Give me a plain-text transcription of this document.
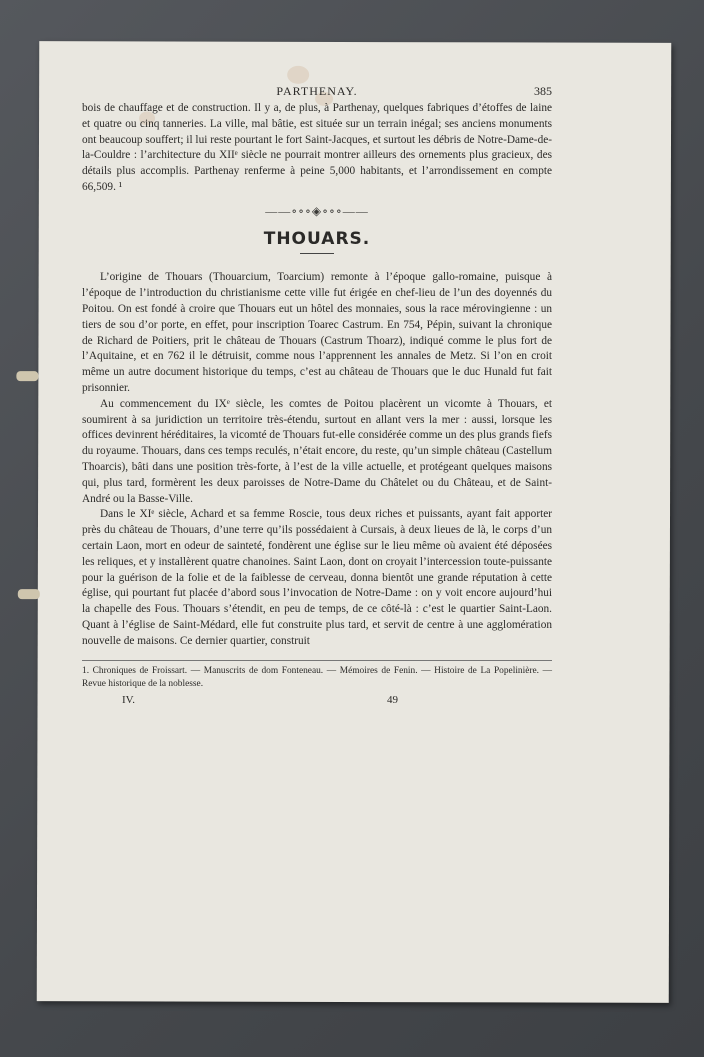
PARTHENAY.	385

bois de chauffage et de construction. Il y a, de plus, à Parthenay, quelques fabriques d’étoffes de laine et quatre ou cinq tanneries. La ville, mal bâtie, est située sur un terrain inégal; ses anciens monuments ont beaucoup souffert; il lui reste pourtant le fort Saint-Jacques, et surtout les débris de Notre-Dame-de-la-Couldre : l’architecture du XIIᵉ siècle ne pourrait montrer ailleurs des ornements plus gracieux, des détails plus accomplis. Parthenay renferme à peine 5,000 habitants, et l’arrondissement en compte 66,509. ¹

——∘∘∘◈∘∘∘——
THOUARS.

L’origine de Thouars (Thouarcium, Toarcium) remonte à l’époque gallo-romaine, puisque à l’époque de l’introduction du christianisme cette ville fut érigée en chef-lieu de l’un des doyennés du Poitou. On est fondé à croire que Thouars eut un hôtel des monnaies, sous la race mérovingienne : un tiers de sou d’or porte, en effet, pour inscription Toarec Castrum. En 754, Pépin, suivant la chronique de Richard de Poitiers, prit le château de Thouars (Castrum Thoarz), indiqué comme le plus fort de l’Aquitaine, et en 762 il le détruisit, comme nous l’apprennent les annales de Metz. Si l’on en croit même un autre document historique du temps, c’est au château de Thouars que le duc Hunald fut fait prisonnier.

Au commencement du IXᵉ siècle, les comtes de Poitou placèrent un vicomte à Thouars, et soumirent à sa juridiction un territoire très-étendu, surtout en allant vers la mer : aussi, lorsque les offices devinrent héréditaires, la vicomté de Thouars fut-elle considérée comme un des plus grands fiefs du royaume. Thouars, dans ces temps reculés, n’était encore, du reste, qu’un simple château (Castellum Thoarcis), bâti dans une position très-forte, à l’est de la ville actuelle, et protégeant quelques maisons qui, plus tard, formèrent les deux paroisses de Notre-Dame du Châtelet ou du Château, et de Saint-André ou la Basse-Ville.

Dans le XIᵉ siècle, Achard et sa femme Roscie, tous deux riches et puissants, ayant fait apporter près du château de Thouars, d’une terre qu’ils possédaient à Cursais, à deux lieues de là, le corps d’un certain Laon, mort en odeur de sainteté, fondèrent une église sur le lieu même où avaient été déposées les reliques, et y installèrent quatre chanoines. Saint Laon, dont on croyait l’intercession toute-puissante pour la guérison de la folie et de la faiblesse de cerveau, donna bientôt une grande réputation à cette église, qui pourtant fut placée d’abord sous l’invocation de Notre-Dame : on y voit encore aujourd’hui la chapelle des Fous. Thouars s’étendit, en peu de temps, de ce côté-là : c’est le quartier Saint-Laon. Quant à l’église de Saint-Médard, elle fut construite plus tard, et servit de centre à une agglomération nouvelle de maisons. Ce dernier quartier, construit

1. Chroniques de Froissart. — Manuscrits de dom Fonteneau. — Mémoires de Fenin. — Histoire de La Popelinière. — Revue historique de la noblesse.
IV.	49
